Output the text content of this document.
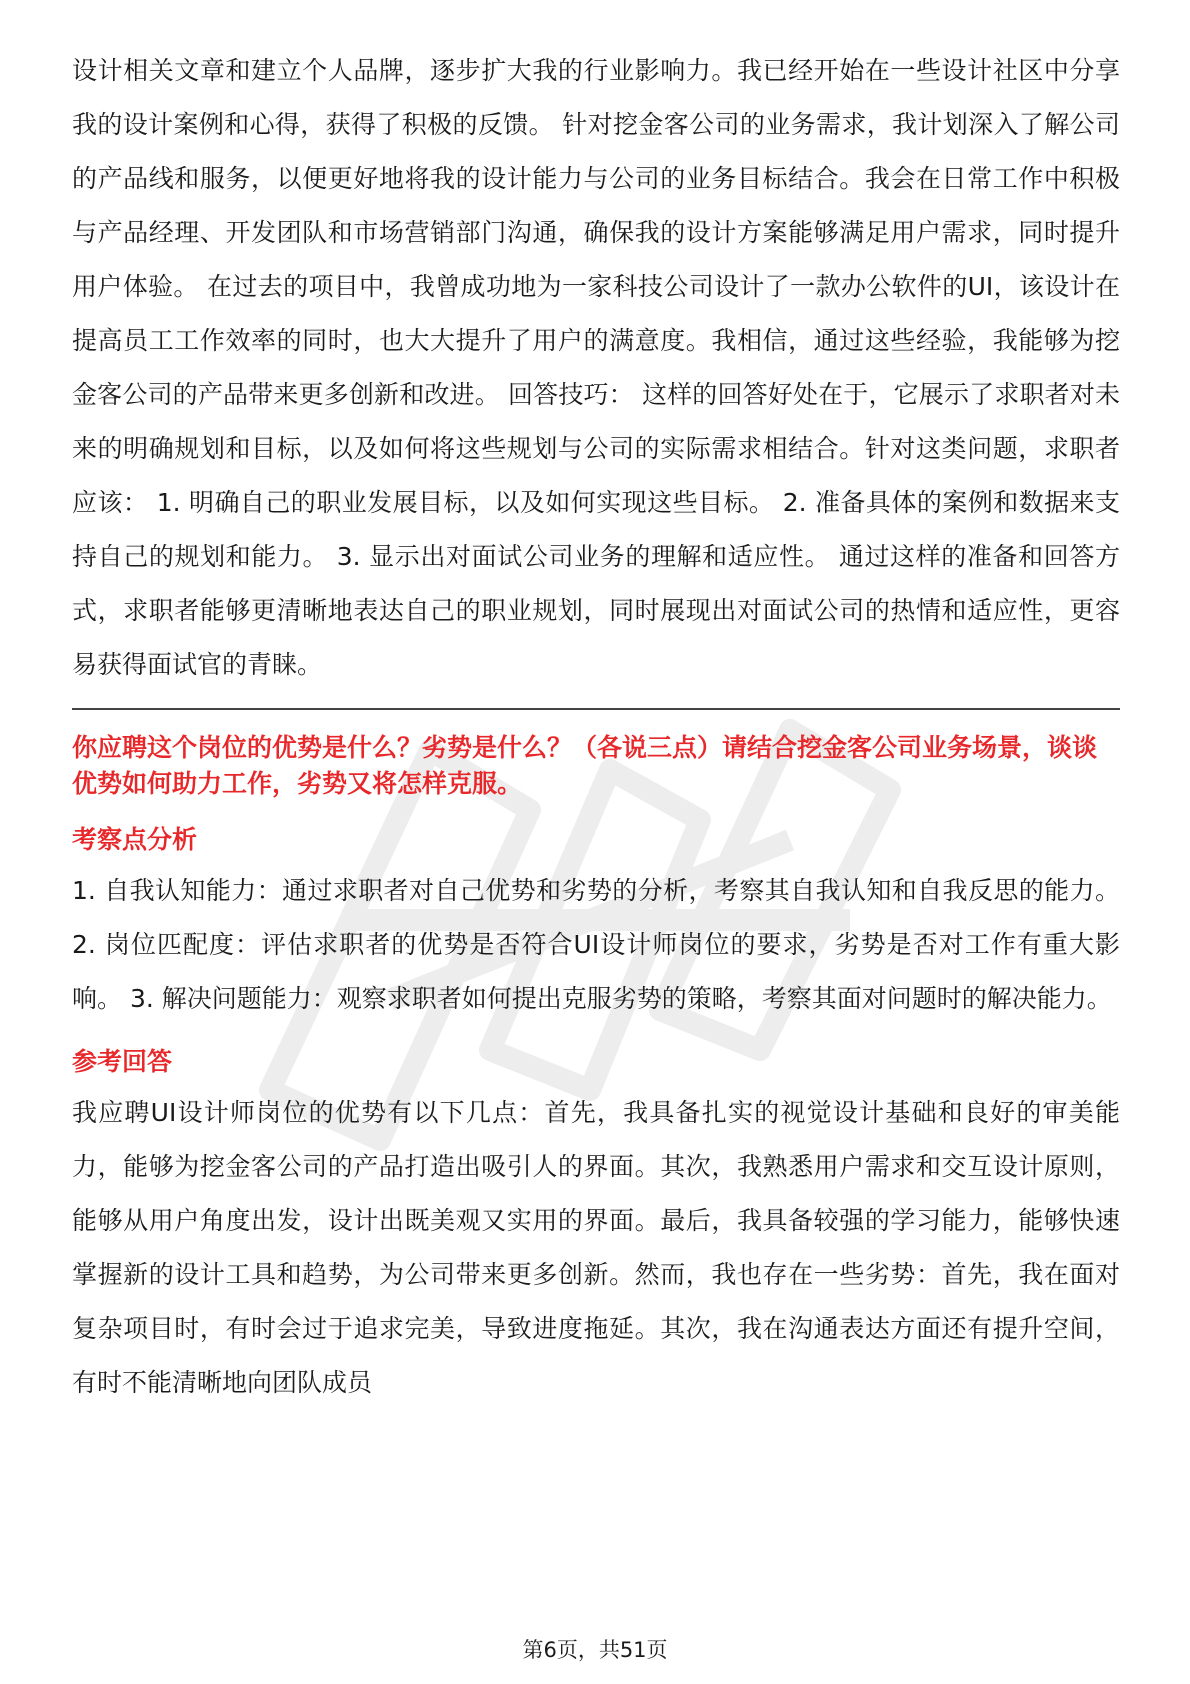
设计相关文章和建立个人品牌，逐步扩大我的行业影响力。我已经开始在一些设计社区中分享我的设计案例和心得，获得了积极的反馈。 针对挖金客公司的业务需求，我计划深入了解公司的产品线和服务，以便更好地将我的设计能力与公司的业务目标结合。我会在日常工作中积极与产品经理、开发团队和市场营销部门沟通，确保我的设计方案能够满足用户需求，同时提升用户体验。 在过去的项目中，我曾成功地为一家科技公司设计了一款办公软件的UI，该设计在提高员工工作效率的同时，也大大提升了用户的满意度。我相信，通过这些经验，我能够为挖金客公司的产品带来更多创新和改进。 回答技巧： 这样的回答好处在于，它展示了求职者对未来的明确规划和目标，以及如何将这些规划与公司的实际需求相结合。针对这类问题，求职者应该： 1. 明确自己的职业发展目标，以及如何实现这些目标。 2. 准备具体的案例和数据来支持自己的规划和能力。 3. 显示出对面试公司业务的理解和适应性。 通过这样的准备和回答方式，求职者能够更清晰地表达自己的职业规划，同时展现出对面试公司的热情和适应性，更容易获得面试官的青睐。

你应聘这个岗位的优势是什么？劣势是什么？（各说三点）请结合挖金客公司业务场景，谈谈优势如何助力工作，劣势又将怎样克服。

考察点分析

1. 自我认知能力：通过求职者对自己优势和劣势的分析，考察其自我认知和自我反思的能力。 2. 岗位匹配度：评估求职者的优势是否符合UI设计师岗位的要求，劣势是否对工作有重大影响。 3. 解决问题能力：观察求职者如何提出克服劣势的策略，考察其面对问题时的解决能力。

参考回答

我应聘UI设计师岗位的优势有以下几点：首先，我具备扎实的视觉设计基础和良好的审美能力，能够为挖金客公司的产品打造出吸引人的界面。其次，我熟悉用户需求和交互设计原则，能够从用户角度出发，设计出既美观又实用的界面。最后，我具备较强的学习能力，能够快速掌握新的设计工具和趋势，为公司带来更多创新。然而，我也存在一些劣势：首先，我在面对复杂项目时，有时会过于追求完美，导致进度拖延。其次，我在沟通表达方面还有提升空间，有时不能清晰地向团队成员

第6页，共51页
